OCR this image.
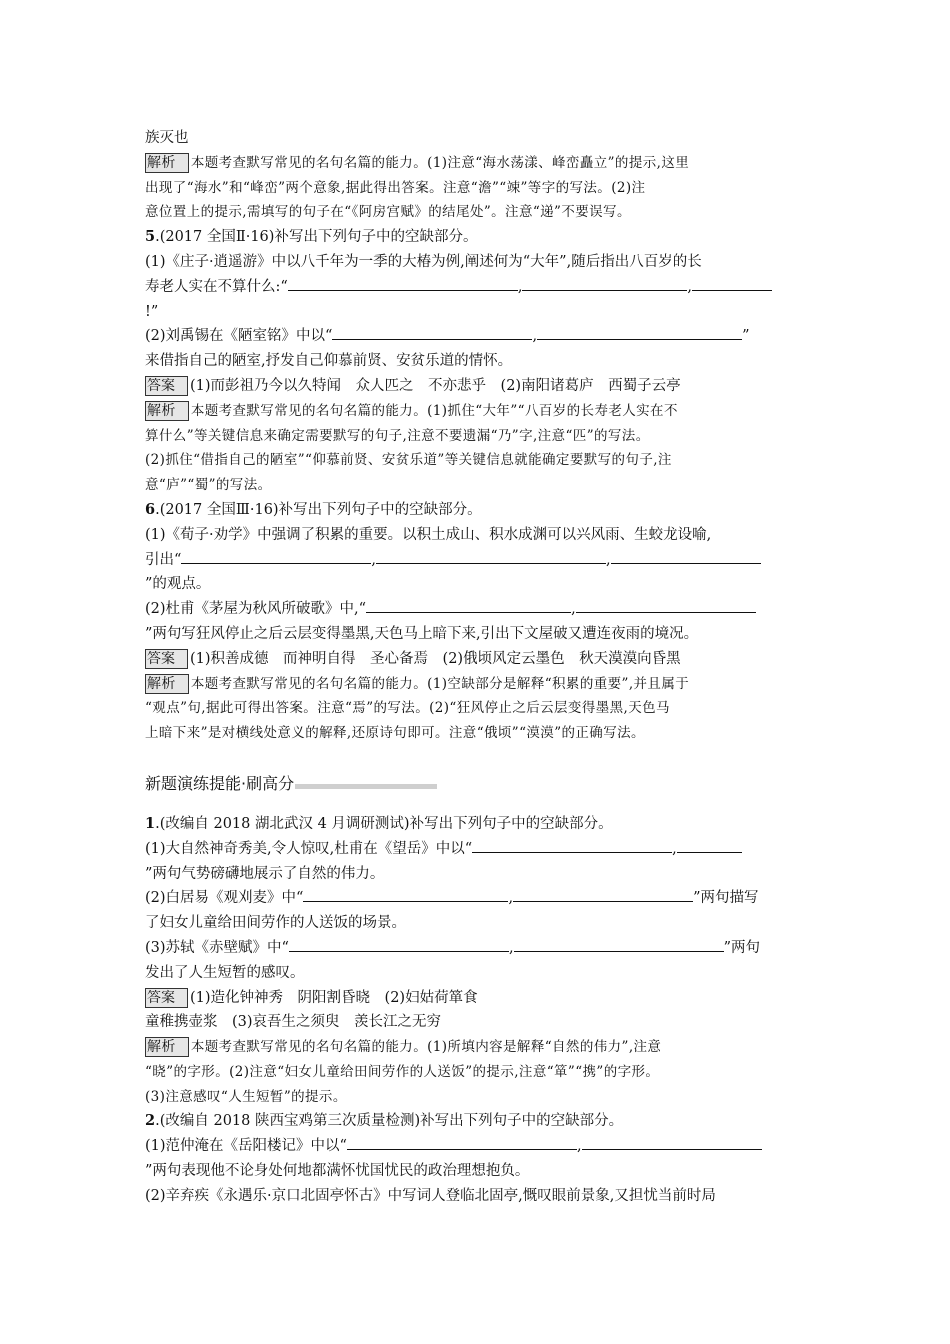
族灭也
解析 本题考查默写常见的名句名篇的能力。(1)注意“海水荡漾、峰峦矗立”的提示,这里
出现了“海水”和“峰峦”两个意象,据此得出答案。注意“澹”“竦”等字的写法。(2)注
意位置上的提示,需填写的句子在“《阿房宫赋》的结尾处”。注意“递”不要误写。
5.(2017 全国Ⅱ·16)补写出下列句子中的空缺部分。
(1)《庄子·逍遥游》中以八千年为一季的大椿为例,阐述何为“大年”,随后指出八百岁的长
寿老人实在不算什么:“	,	,
!”
(2)刘禹锡在《陋室铭》中以“	,	”
来借指自己的陋室,抒发自己仰慕前贤、安贫乐道的情怀。
答案 (1)而彭祖乃今以久特闻　众人匹之　不亦悲乎　(2)南阳诸葛庐　西蜀子云亭
解析 本题考查默写常见的名句名篇的能力。(1)抓住“大年”“八百岁的长寿老人实在不
算什么”等关键信息来确定需要默写的句子,注意不要遗漏“乃”字,注意“匹”的写法。
(2)抓住“借指自己的陋室”“仰慕前贤、安贫乐道”等关键信息就能确定要默写的句子,注
意“庐”“蜀”的写法。
6.(2017 全国Ⅲ·16)补写出下列句子中的空缺部分。
(1)《荀子·劝学》中强调了积累的重要。以积土成山、积水成渊可以兴风雨、生蛟龙设喻,
引出“	,	,
”的观点。
(2)杜甫《茅屋为秋风所破歌》中,“	,
”两句写狂风停止之后云层变得墨黑,天色马上暗下来,引出下文屋破又遭连夜雨的境况。
答案 (1)积善成德　而神明自得　圣心备焉　(2)俄顷风定云墨色　秋天漠漠向昏黑
解析 本题考查默写常见的名句名篇的能力。(1)空缺部分是解释“积累的重要”,并且属于
“观点”句,据此可得出答案。注意“焉”的写法。(2)“狂风停止之后云层变得墨黑,天色马
上暗下来”是对横线处意义的解释,还原诗句即可。注意“俄顷”“漠漠”的正确写法。
新题演练提能·刷高分
1.(改编自 2018 湖北武汉 4 月调研测试)补写出下列句子中的空缺部分。
(1)大自然神奇秀美,令人惊叹,杜甫在《望岳》中以“	,
”两句气势磅礴地展示了自然的伟力。
(2)白居易《观刈麦》中“	,	”两句描写
了妇女儿童给田间劳作的人送饭的场景。
(3)苏轼《赤壁赋》中“	,	”两句
发出了人生短暂的感叹。
答案 (1)造化钟神秀　阴阳割昏晓　(2)妇姑荷箪食
童稚携壶浆　(3)哀吾生之须臾　羡长江之无穷
解析 本题考查默写常见的名句名篇的能力。(1)所填内容是解释“自然的伟力”,注意
“晓”的字形。(2)注意“妇女儿童给田间劳作的人送饭”的提示,注意“箪”“携”的字形。
(3)注意感叹“人生短暂”的提示。
2.(改编自 2018 陕西宝鸡第三次质量检测)补写出下列句子中的空缺部分。
(1)范仲淹在《岳阳楼记》中以“	,
”两句表现他不论身处何地都满怀忧国忧民的政治理想抱负。
(2)辛弃疾《永遇乐·京口北固亭怀古》中写词人登临北固亭,慨叹眼前景象,又担忧当前时局
